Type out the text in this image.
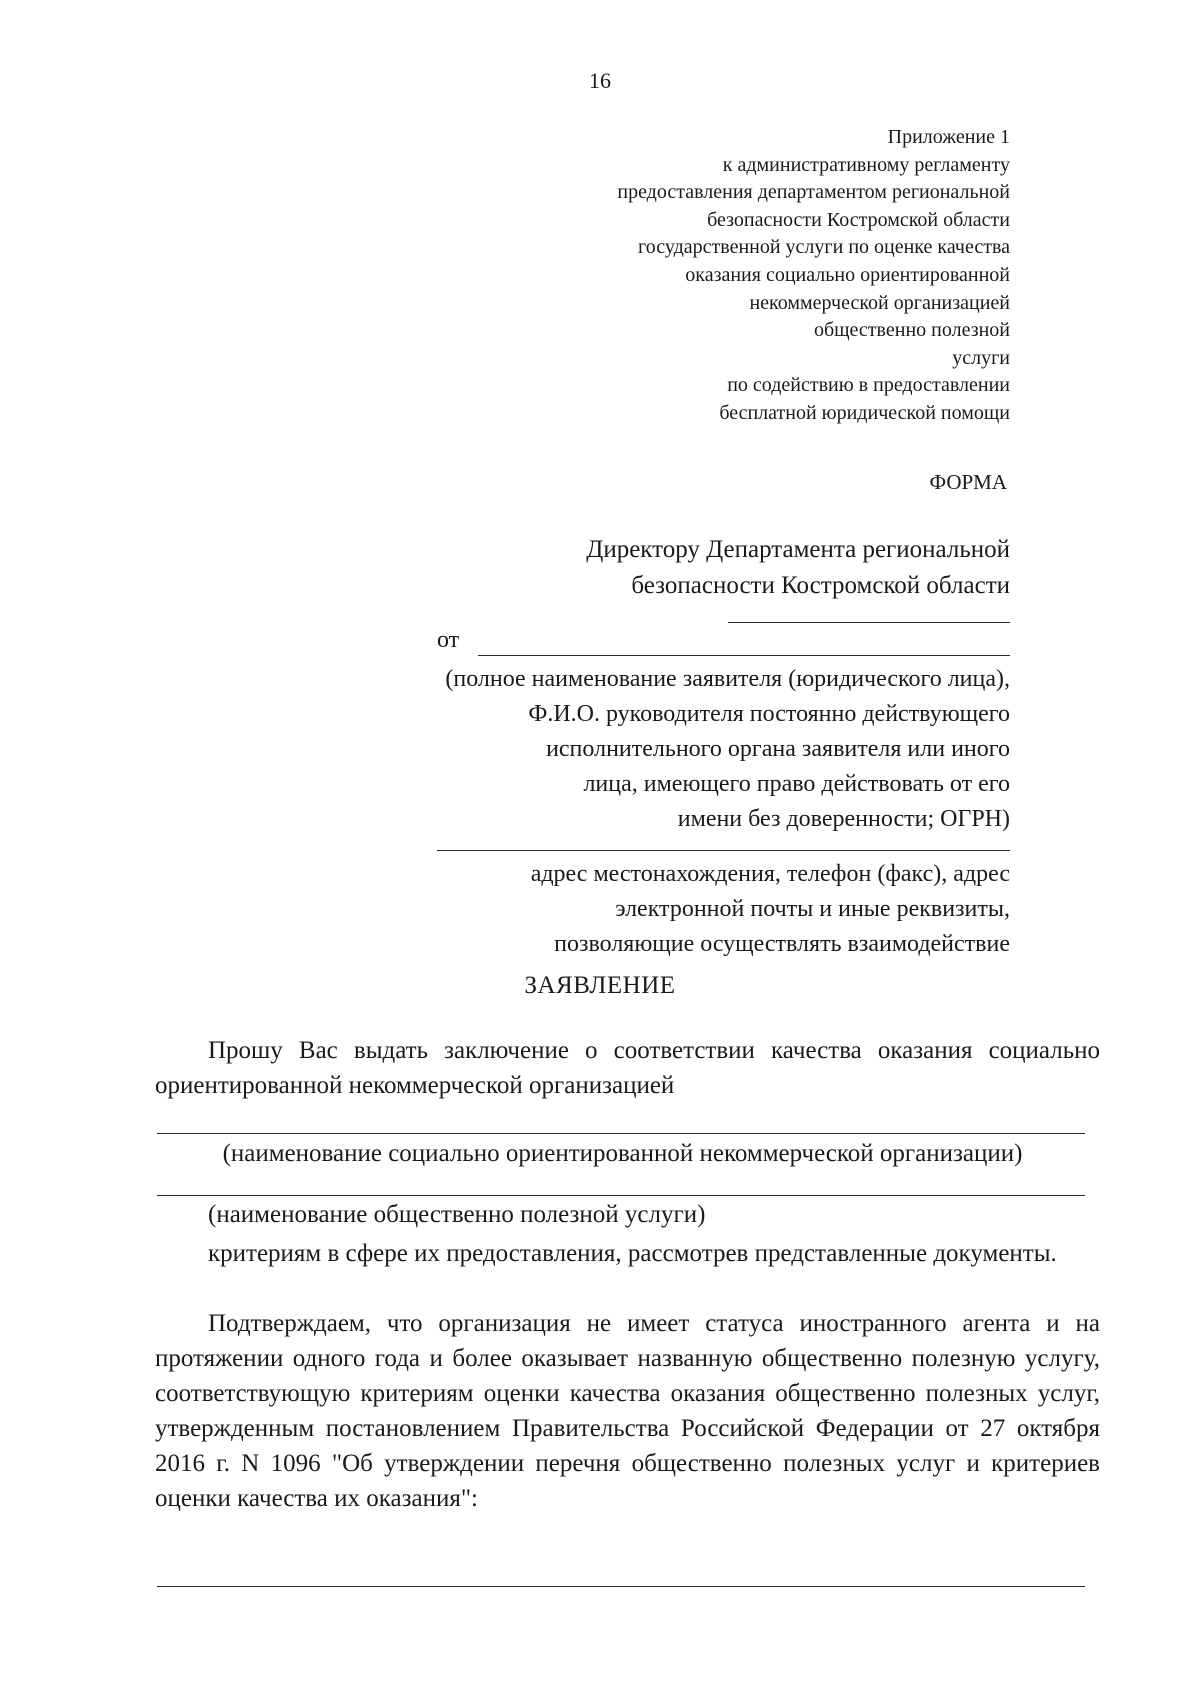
16
Приложение 1
к административному регламенту
предоставления департаментом региональной
безопасности Костромской области
государственной услуги по оценке качества
оказания социально ориентированной
некоммерческой организацией
общественно полезной
услуги
по содействию в предоставлении
бесплатной юридической помощи
ФОРМА
Директору Департамента региональной
безопасности Костромской области
от
(полное наименование заявителя (юридического лица),
Ф.И.О. руководителя постоянно действующего
исполнительного органа заявителя или иного
лица, имеющего право действовать от его
имени без доверенности; ОГРН)
адрес местонахождения, телефон (факс), адрес
электронной почты и иные реквизиты,
позволяющие осуществлять взаимодействие
ЗАЯВЛЕНИЕ
Прошу Вас выдать заключение о соответствии качества оказания социально ориентированной некоммерческой организацией
(наименование социально ориентированной некоммерческой организации)
(наименование общественно полезной услуги)
критериям в сфере их предоставления, рассмотрев представленные документы.
Подтверждаем, что организация не имеет статуса иностранного агента и на протяжении одного года и более оказывает названную общественно полезную услугу, соответствующую критериям оценки качества оказания общественно полезных услуг, утвержденным постановлением Правительства Российской Федерации от 27 октября 2016 г. N 1096 "Об утверждении перечня общественно полезных услуг и критериев оценки качества их оказания":
